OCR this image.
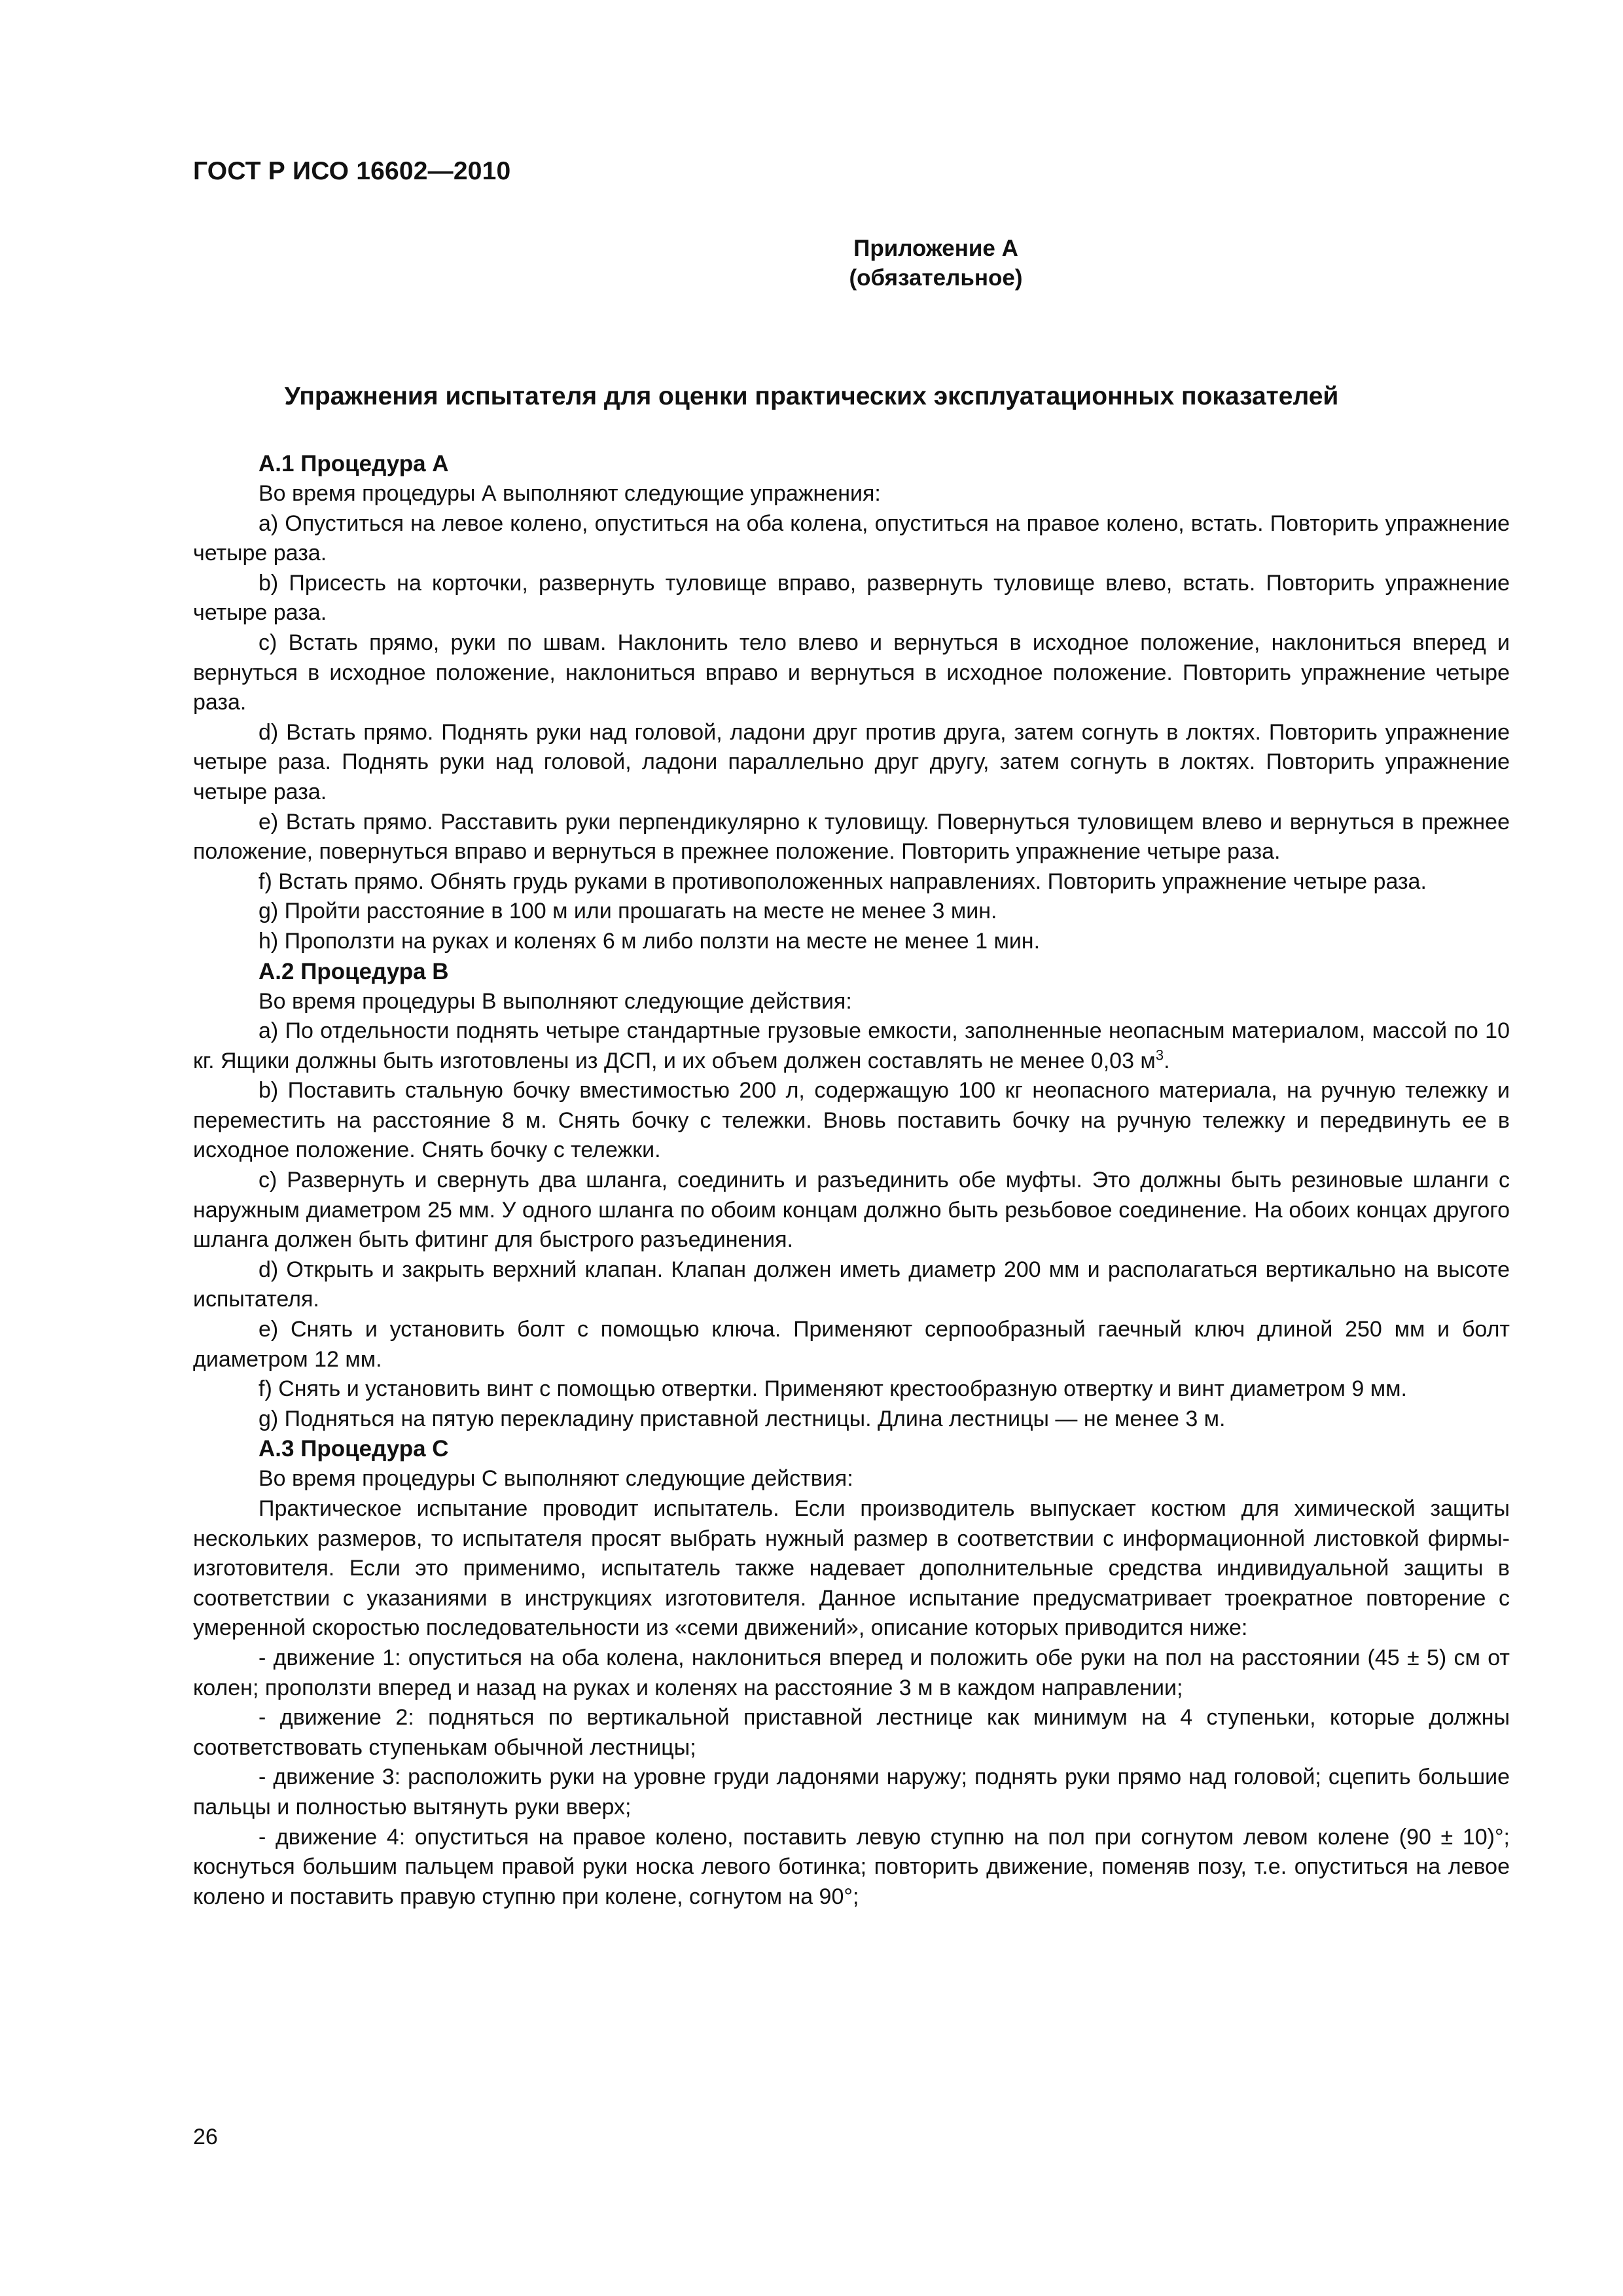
ГОСТ Р ИСО 16602—2010
Приложение А
(обязательное)
Упражнения испытателя для оценки практических эксплуатационных показателей
А.1 Процедура А

Во время процедуры А выполняют следующие упражнения:

а) Опуститься на левое колено, опуститься на оба колена, опуститься на правое колено, встать. Повторить упражнение четыре раза.

b) Присесть на корточки, развернуть туловище вправо, развернуть туловище влево, встать. Повторить упражнение четыре раза.

c) Встать прямо, руки по швам. Наклонить тело влево и вернуться в исходное положение, наклониться вперед и вернуться в исходное положение, наклониться вправо и вернуться в исходное положение. Повторить упражнение четыре раза.

d) Встать прямо. Поднять руки над головой, ладони друг против друга, затем согнуть в локтях. Повторить упражнение четыре раза. Поднять руки над головой, ладони параллельно друг другу, затем согнуть в локтях. Повторить упражнение четыре раза.

е) Встать прямо. Расставить руки перпендикулярно к туловищу. Повернуться туловищем влево и вернуться в прежнее положение, повернуться вправо и вернуться в прежнее положение. Повторить упражнение четыре раза.

f) Встать прямо. Обнять грудь руками в противоположенных направлениях. Повторить упражнение четыре раза.

g) Пройти расстояние в 100 м или прошагать на месте не менее 3 мин.

h) Проползти на руках и коленях 6 м либо ползти на месте не менее 1 мин.

А.2 Процедура В

Во время процедуры В выполняют следующие действия:

а) По отдельности поднять четыре стандартные грузовые емкости, заполненные неопасным материалом, массой по 10 кг. Ящики должны быть изготовлены из ДСП, и их объем должен составлять не менее 0,03 $м^3$.

b) Поставить стальную бочку вместимостью 200 л, содержащую 100 кг неопасного материала, на ручную тележку и переместить на расстояние 8 м. Снять бочку с тележки. Вновь поставить бочку на ручную тележку и передвинуть ее в исходное положение. Снять бочку с тележки.

с) Развернуть и свернуть два шланга, соединить и разъединить обе муфты. Это должны быть резиновые шланги с наружным диаметром 25 мм. У одного шланга по обоим концам должно быть резьбовое соединение. На обоих концах другого шланга должен быть фитинг для быстрого разъединения.

d) Открыть и закрыть верхний клапан. Клапан должен иметь диаметр 200 мм и располагаться вертикально на высоте испытателя.

е) Снять и установить болт с помощью ключа. Применяют серпообразный гаечный ключ длиной 250 мм и болт диаметром 12 мм.

f) Снять и установить винт с помощью отвертки. Применяют крестообразную отвертку и винт диаметром 9 мм.

g) Подняться на пятую перекладину приставной лестницы. Длина лестницы — не менее 3 м.

А.3 Процедура С

Во время процедуры С выполняют следующие действия:

Практическое испытание проводит испытатель. Если производитель выпускает костюм для химической защиты нескольких размеров, то испытателя просят выбрать нужный размер в соответствии с информационной листовкой фирмы-изготовителя. Если это применимо, испытатель также надевает дополнительные средства индивидуальной защиты в соответствии с указаниями в инструкциях изготовителя. Данное испытание предусматривает троекратное повторение с умеренной скоростью последовательности из «семи движений», описание которых приводится ниже:

- движение 1: опуститься на оба колена, наклониться вперед и положить обе руки на пол на расстоянии (45 ± 5) см от колен; проползти вперед и назад на руках и коленях на расстояние 3 м в каждом направлении;

- движение 2: подняться по вертикальной приставной лестнице как минимум на 4 ступеньки, которые должны соответствовать ступенькам обычной лестницы;

- движение 3: расположить руки на уровне груди ладонями наружу; поднять руки прямо над головой; сцепить большие пальцы и полностью вытянуть руки вверх;

- движение 4: опуститься на правое колено, поставить левую ступню на пол при согнутом левом колене (90 ± 10)°; коснуться большим пальцем правой руки носка левого ботинка; повторить движение, поменяв позу, т.е. опуститься на левое колено и поставить правую ступню при колене, согнутом на 90°;

26
